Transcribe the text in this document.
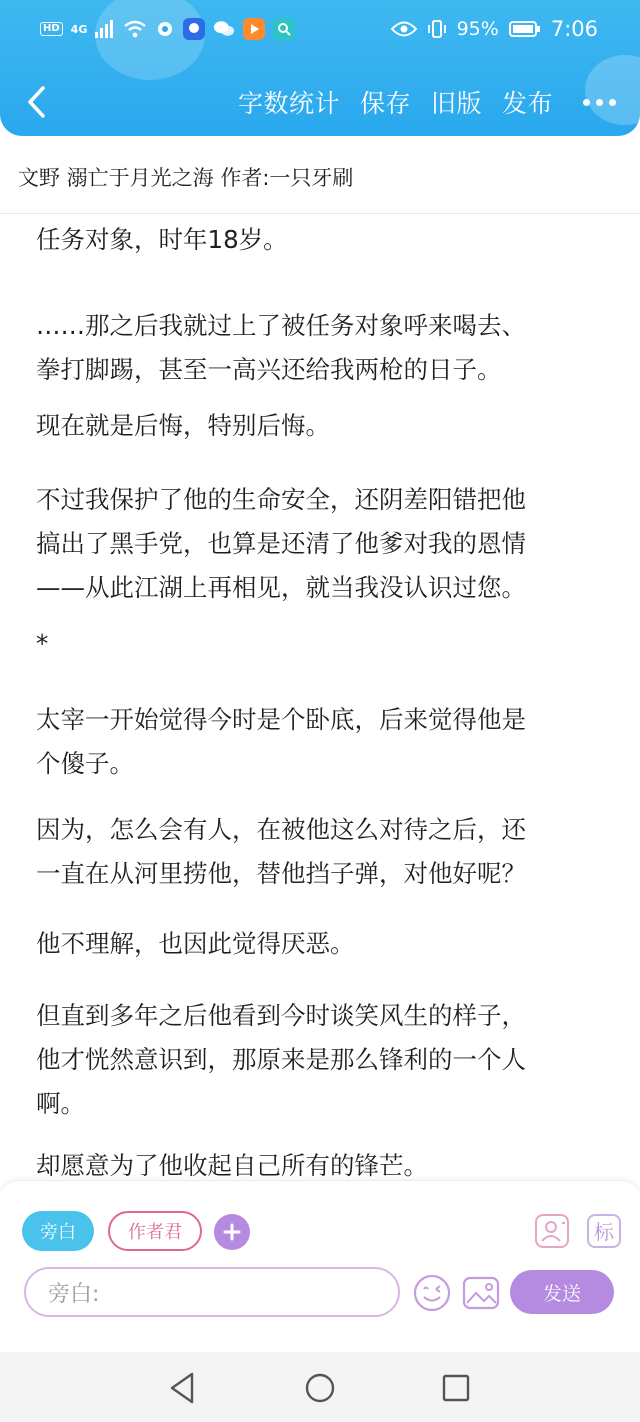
HD 4G	95% 7:06
字数统计 保存 旧版 发布
文野 溺亡于月光之海 作者:一只牙刷
任务对象，时年18岁。
……那之后我就过上了被任务对象呼来喝去、
拳打脚踢，甚至一高兴还给我两枪的日子。
现在就是后悔，特别后悔。
不过我保护了他的生命安全，还阴差阳错把他
搞出了黑手党，也算是还清了他爹对我的恩情
——从此江湖上再相见，就当我没认识过您。
*
太宰一开始觉得今时是个卧底，后来觉得他是
个傻子。
因为，怎么会有人，在被他这么对待之后，还
一直在从河里捞他，替他挡子弹，对他好呢？
他不理解，也因此觉得厌恶。
但直到多年之后他看到今时谈笑风生的样子，
他才恍然意识到，那原来是那么锋利的一个人
啊。
却愿意为了他收起自己所有的锋芒。
旁白	作者君	标
旁白:	发送
